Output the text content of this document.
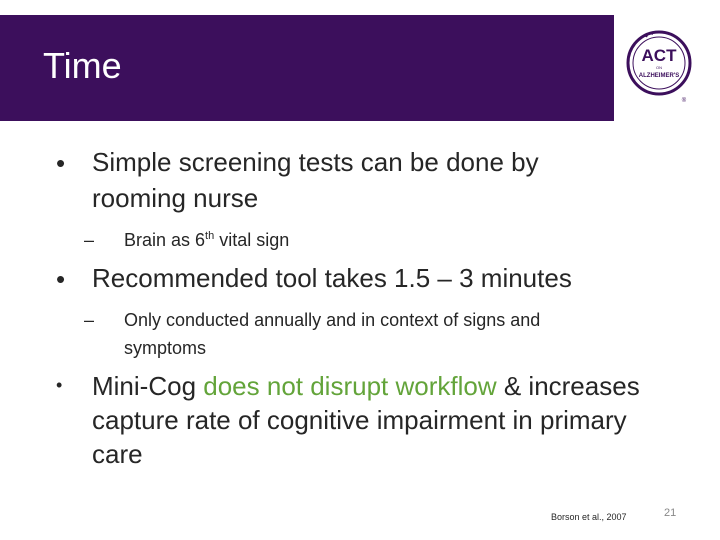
Time	ACT
ON
ALZHEIMER'S
®
• Simple screening tests can be done by
rooming nurse
– Brain as 6th vital sign
• Recommended tool takes 1.5 – 3 minutes
– Only conducted annually and in context of signs and
symptoms
• Mini-Cog does not disrupt workflow & increases
capture rate of cognitive impairment in primary
care
Borson et al., 2007	21
